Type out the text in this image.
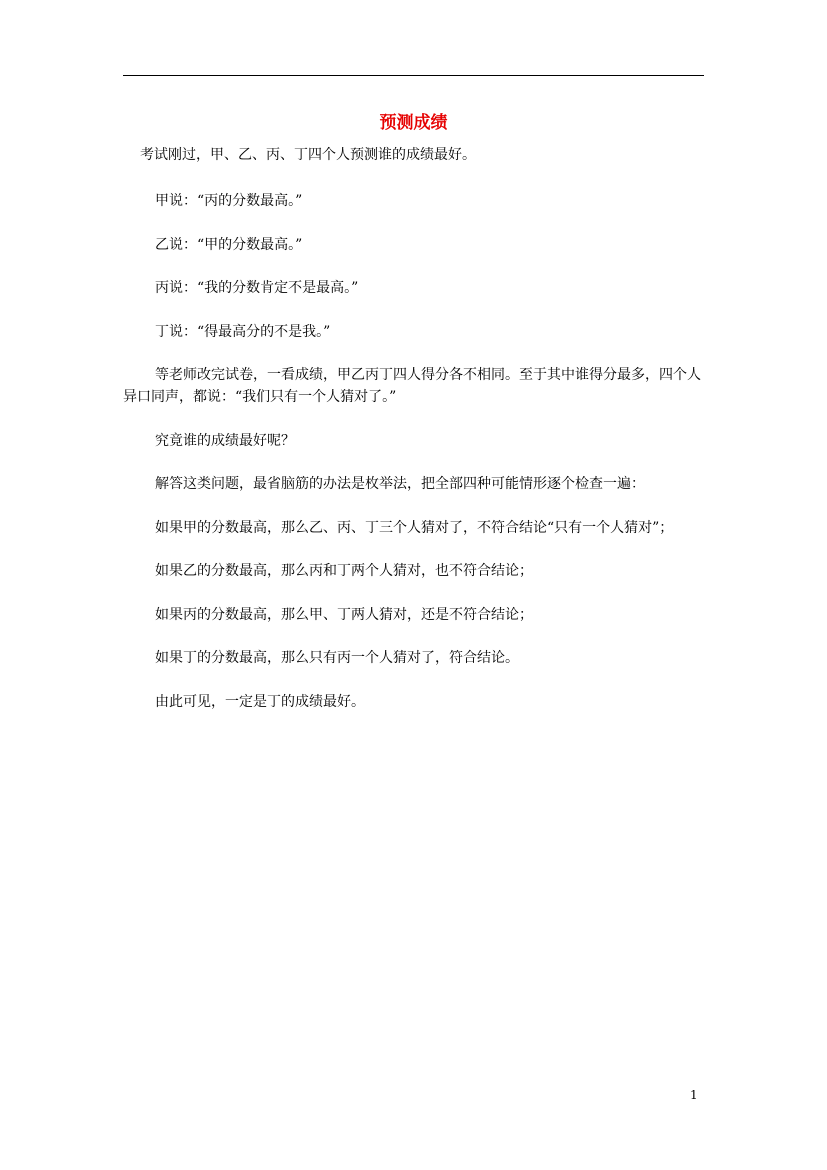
预测成绩

考试刚过，甲、乙、丙、丁四个人预测谁的成绩最好。

甲说：“丙的分数最高。”

乙说：“甲的分数最高。”

丙说：“我的分数肯定不是最高。”

丁说：“得最高分的不是我。”

等老师改完试卷，一看成绩，甲乙丙丁四人得分各不相同。至于其中谁得分最多，四个人异口同声，都说：“我们只有一个人猜对了。”

究竟谁的成绩最好呢？

解答这类问题，最省脑筋的办法是枚举法，把全部四种可能情形逐个检查一遍：

如果甲的分数最高，那么乙、丙、丁三个人猜对了，不符合结论“只有一个人猜对”；

如果乙的分数最高，那么丙和丁两个人猜对，也不符合结论；

如果丙的分数最高，那么甲、丁两人猜对，还是不符合结论；

如果丁的分数最高，那么只有丙一个人猜对了，符合结论。

由此可见，一定是丁的成绩最好。

1
